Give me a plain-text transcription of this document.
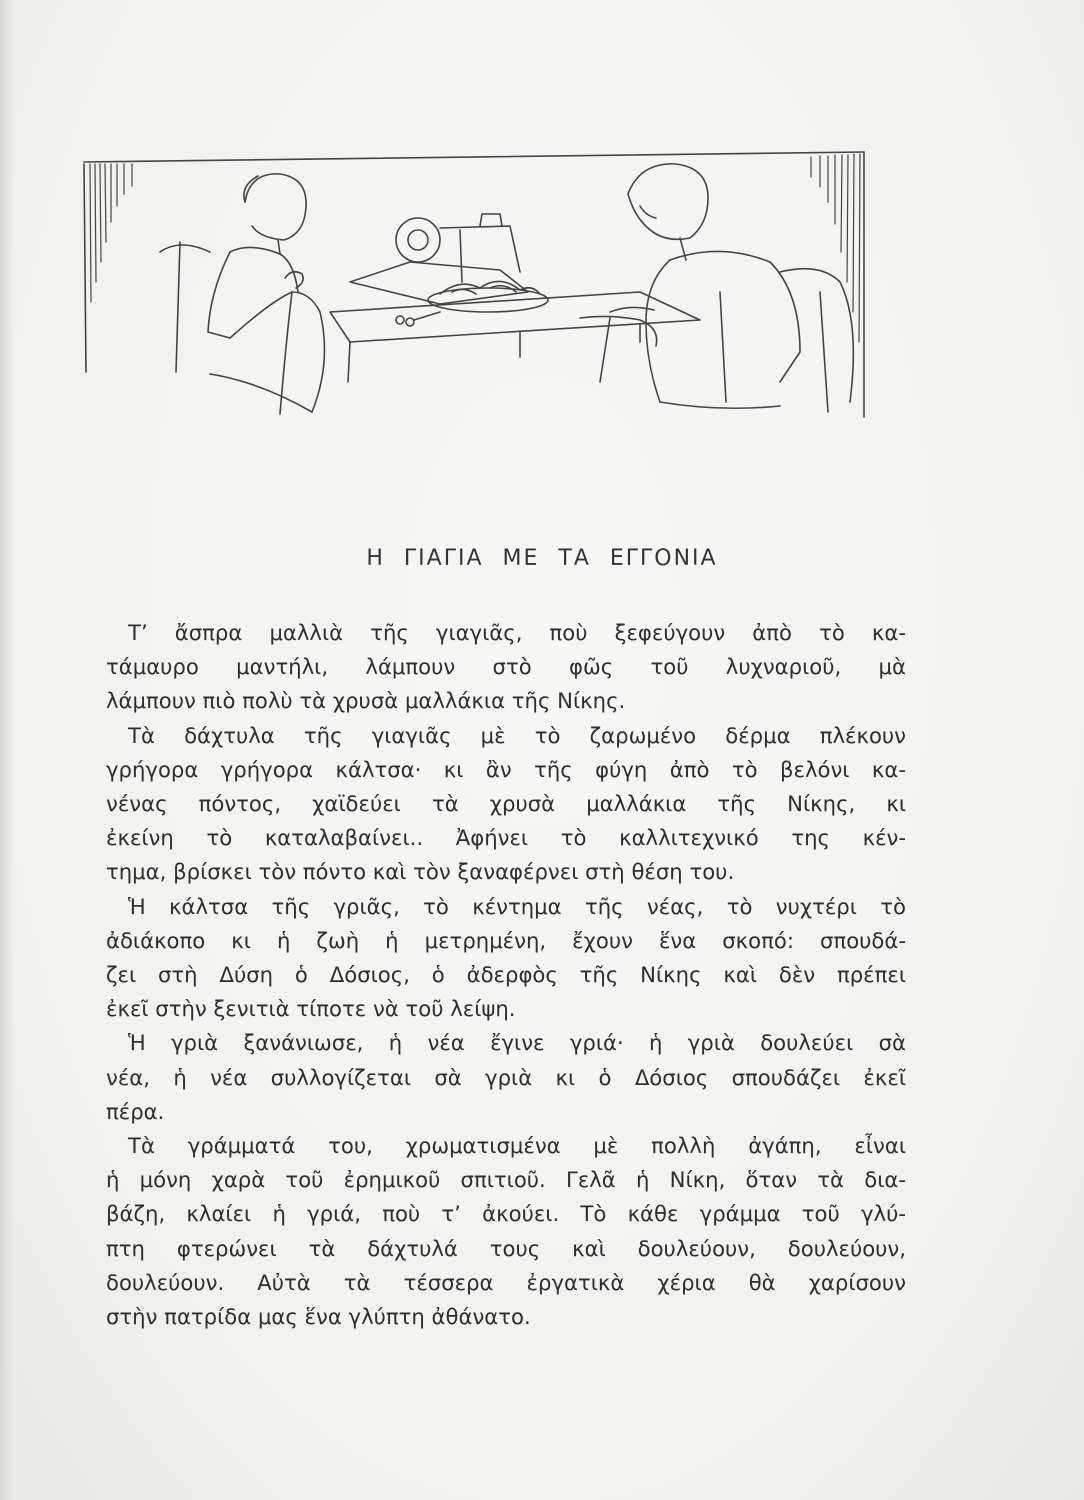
Η ΓΙΑΓΙΑ ΜΕ ΤΑ ΕΓΓΟΝΙΑ

Τ’ ἄσπρα μαλλιὰ τῆς γιαγιᾶς, ποὺ ξεφεύγουν ἀπὸ τὸ κα-
τάμαυρο μαντήλι, λάμπουν στὸ φῶς τοῦ λυχναριοῦ, μὰ
λάμπουν πιὸ πολὺ τὰ χρυσὰ μαλλάκια τῆς Νίκης.

Τὰ δάχτυλα τῆς γιαγιᾶς μὲ τὸ ζαρωμένο δέρμα πλέκουν
γρήγορα γρήγορα κάλτσα· κι ἂν τῆς φύγη ἀπὸ τὸ βελόνι κα-
νένας πόντος, χαϊδεύει τὰ χρυσὰ μαλλάκια τῆς Νίκης, κι
ἐκείνη τὸ καταλαβαίνει.. Ἀφήνει τὸ καλλιτεχνικό της κέν-
τημα, βρίσκει τὸν πόντο καὶ τὸν ξαναφέρνει στὴ θέση του.

Ἡ κάλτσα τῆς γριᾶς, τὸ κέντημα τῆς νέας, τὸ νυχτέρι τὸ
ἀδιάκοπο κι ἡ ζωὴ ἡ μετρημένη, ἔχουν ἕνα σκοπό: σπουδά-
ζει στὴ Δύση ὁ Δόσιος, ὁ ἀδερφὸς τῆς Νίκης καὶ δὲν πρέπει
ἐκεῖ στὴν ξενιτιὰ τίποτε νὰ τοῦ λείψη.

Ἡ γριὰ ξανάνιωσε, ἡ νέα ἔγινε γριά· ἡ γριὰ δουλεύει σὰ
νέα, ἡ νέα συλλογίζεται σὰ γριὰ κι ὁ Δόσιος σπουδάζει ἐκεῖ
πέρα.

Τὰ γράμματά του, χρωματισμένα μὲ πολλὴ ἀγάπη, εἶναι
ἡ μόνη χαρὰ τοῦ ἐρημικοῦ σπιτιοῦ. Γελᾶ ἡ Νίκη, ὅταν τὰ δια-
βάζη, κλαίει ἡ γριά, ποὺ τ’ ἀκούει. Τὸ κάθε γράμμα τοῦ γλύ-
πτη φτερώνει τὰ δάχτυλά τους καὶ δουλεύουν, δουλεύουν,
δουλεύουν. Αὐτὰ τὰ τέσσερα ἐργατικὰ χέρια θὰ χαρίσουν
στὴν πατρίδα μας ἕνα γλύπτη ἀθάνατο.
